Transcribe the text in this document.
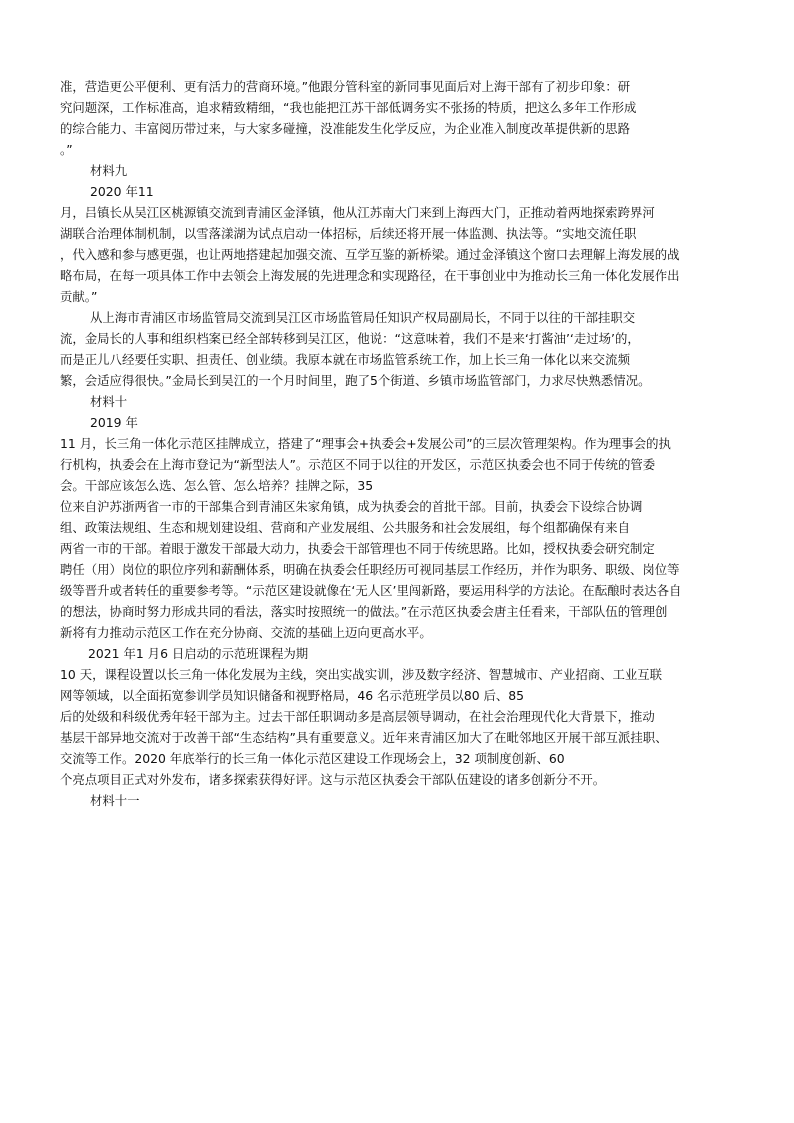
准，营造更公平便利、更有活力的营商环境。”他跟分管科室的新同事见面后对上海干部有了初步印象：研
究问题深，工作标准高，追求精致精细，“我也能把江苏干部低调务实不张扬的特质，把这么多年工作形成
的综合能力、丰富阅历带过来，与大家多碰撞，没准能发生化学反应，为企业准入制度改革提供新的思路
。”
材料九
2020 年11
月，吕镇长从吴江区桃源镇交流到青浦区金泽镇，他从江苏南大门来到上海西大门，正推动着两地探索跨界河
湖联合治理体制机制，以雪落漾湖为试点启动一体招标，后续还将开展一体监测、执法等。“实地交流任职
，代入感和参与感更强，也让两地搭建起加强交流、互学互鉴的新桥梁。通过金泽镇这个窗口去理解上海发展的战
略布局，在每一项具体工作中去领会上海发展的先进理念和实现路径，在干事创业中为推动长三角一体化发展作出
贡献。”
从上海市青浦区市场监管局交流到吴江区市场监管局任知识产权局副局长，不同于以往的干部挂职交
流，金局长的人事和组织档案已经全部转移到吴江区，他说：“这意味着，我们不是来‘打酱油’‘走过场’的，
而是正儿八经要任实职、担责任、创业绩。我原本就在市场监管系统工作，加上长三角一体化以来交流频
繁，会适应得很快。”金局长到吴江的一个月时间里，跑了5个街道、乡镇市场监管部门，力求尽快熟悉情况。
材料十
2019 年
11 月，长三角一体化示范区挂牌成立，搭建了“理事会+执委会+发展公司”的三层次管理架构。作为理事会的执
行机构，执委会在上海市登记为“新型法人”。示范区不同于以往的开发区，示范区执委会也不同于传统的管委
会。干部应该怎么选、怎么管、怎么培养？挂牌之际，35
位来自沪苏浙两省一市的干部集合到青浦区朱家角镇，成为执委会的首批干部。目前，执委会下设综合协调
组、政策法规组、生态和规划建设组、营商和产业发展组、公共服务和社会发展组，每个组都确保有来自
两省一市的干部。着眼于激发干部最大动力，执委会干部管理也不同于传统思路。比如，授权执委会研究制定
聘任（用）岗位的职位序列和薪酬体系，明确在执委会任职经历可视同基层工作经历，并作为职务、职级、岗位等
级等晋升或者转任的重要参考等。“示范区建设就像在‘无人区’里闯新路，要运用科学的方法论。在酝酿时表达各自
的想法，协商时努力形成共同的看法，落实时按照统一的做法。”在示范区执委会唐主任看来，干部队伍的管理创
新将有力推动示范区工作在充分协商、交流的基础上迈向更高水平。
2021 年1 月6 日启动的示范班课程为期
10 天，课程设置以长三角一体化发展为主线，突出实战实训，涉及数字经济、智慧城市、产业招商、工业互联
网等领域，以全面拓宽参训学员知识储备和视野格局，46 名示范班学员以80 后、85
后的处级和科级优秀年轻干部为主。过去干部任职调动多是高层领导调动，在社会治理现代化大背景下，推动
基层干部异地交流对于改善干部“生态结构”具有重要意义。近年来青浦区加大了在毗邻地区开展干部互派挂职、
交流等工作。2020 年底举行的长三角一体化示范区建设工作现场会上，32 项制度创新、60
个亮点项目正式对外发布，诸多探索获得好评。这与示范区执委会干部队伍建设的诸多创新分不开。
材料十一
